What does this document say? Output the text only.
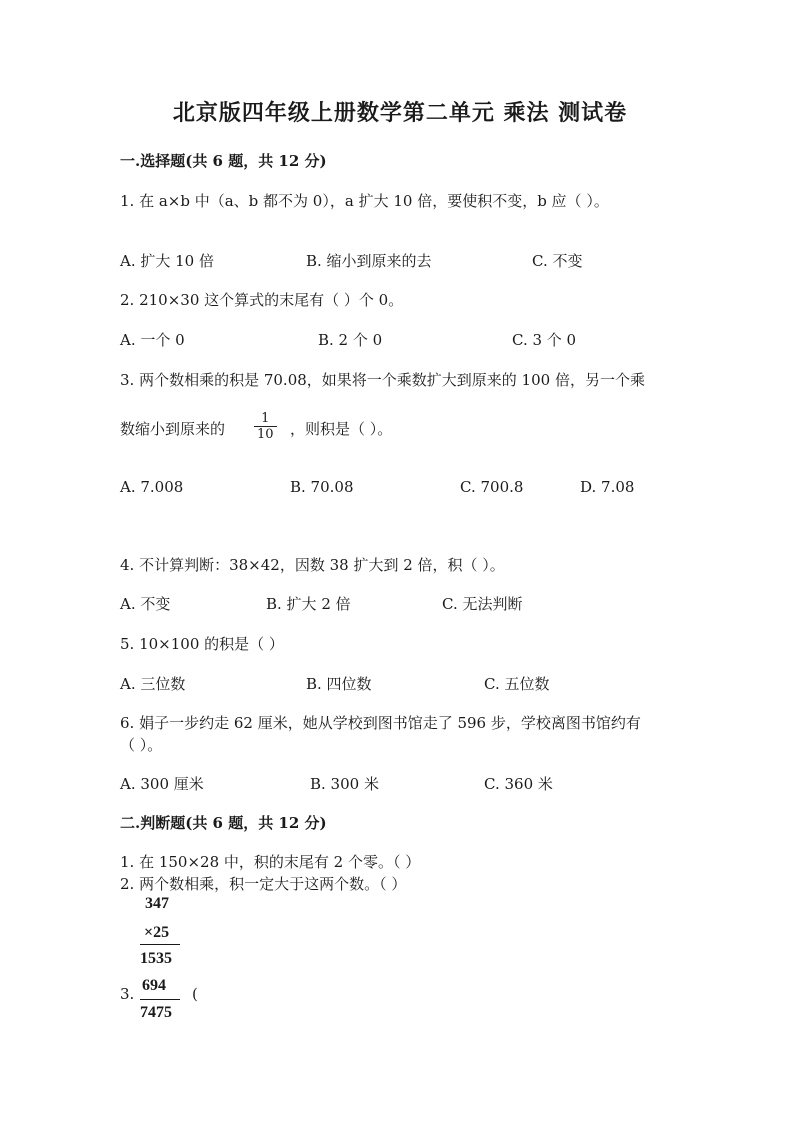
北京版四年级上册数学第二单元 乘法 测试卷
一.选择题(共 6 题，共 12 分)
1. 在 a×b 中（a、b 都不为 0），a 扩大 10 倍，要使积不变，b 应（ ）。
A. 扩大 10 倍	B. 缩小到原来的去	C. 不变
2. 210×30 这个算式的末尾有（ ）个 0。
A. 一个 0	B. 2 个 0	C. 3 个 0
3. 两个数相乘的积是 70.08，如果将一个乘数扩大到原来的 100 倍，另一个乘
数缩小到原来的 $\frac{1}{10}$ ，则积是（ ）。
A. 7.008	B. 70.08	C. 700.8	D. 7.08
4. 不计算判断：38×42，因数 38 扩大到 2 倍，积（ ）。
A. 不变	B. 扩大 2 倍	C. 无法判断
5. 10×100 的积是（ ）
A. 三位数	B. 四位数	C. 五位数
6. 娟子一步约走 62 厘米，她从学校到图书馆走了 596 步，学校离图书馆约有
（ ）。
A. 300 厘米	B. 300 米	C. 360 米
二.判断题(共 6 题，共 12 分)
1. 在 150×28 中，积的末尾有 2 个零。（ ）
2. 两个数相乘，积一定大于这两个数。（ ）
347
×25
1535
3. 694
7475
(
